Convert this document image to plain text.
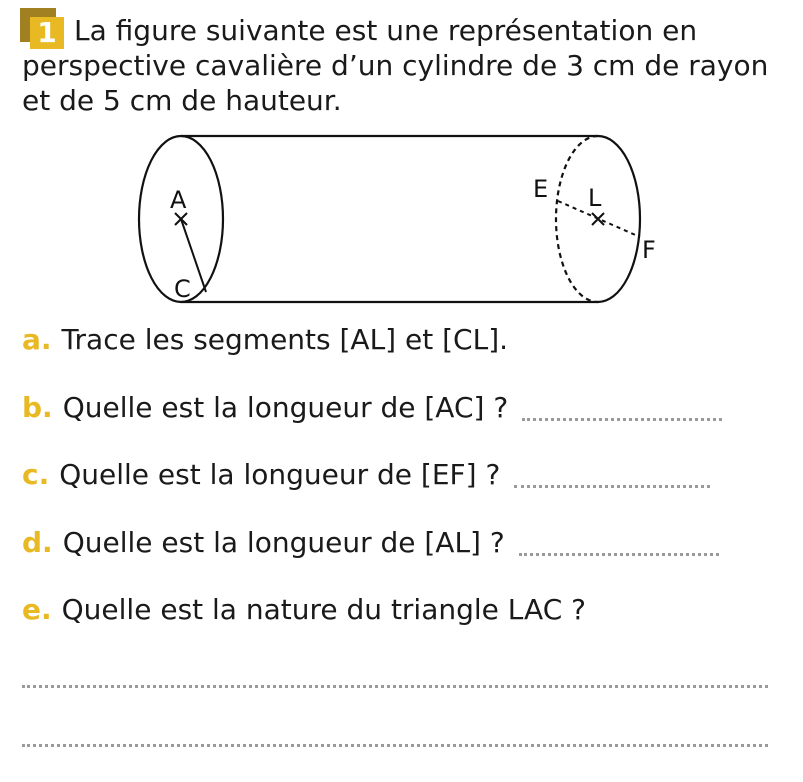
1 La figure suivante est une représentation en perspective cavalière d’un cylindre de 3 cm de rayon et de 5 cm de hauteur.

A
C
E L
F
a. Trace les segments [AL] et [CL].
b. Quelle est la longueur de [AC] ?
c. Quelle est la longueur de [EF] ?
d. Quelle est la longueur de [AL] ?
e. Quelle est la nature du triangle LAC ?
